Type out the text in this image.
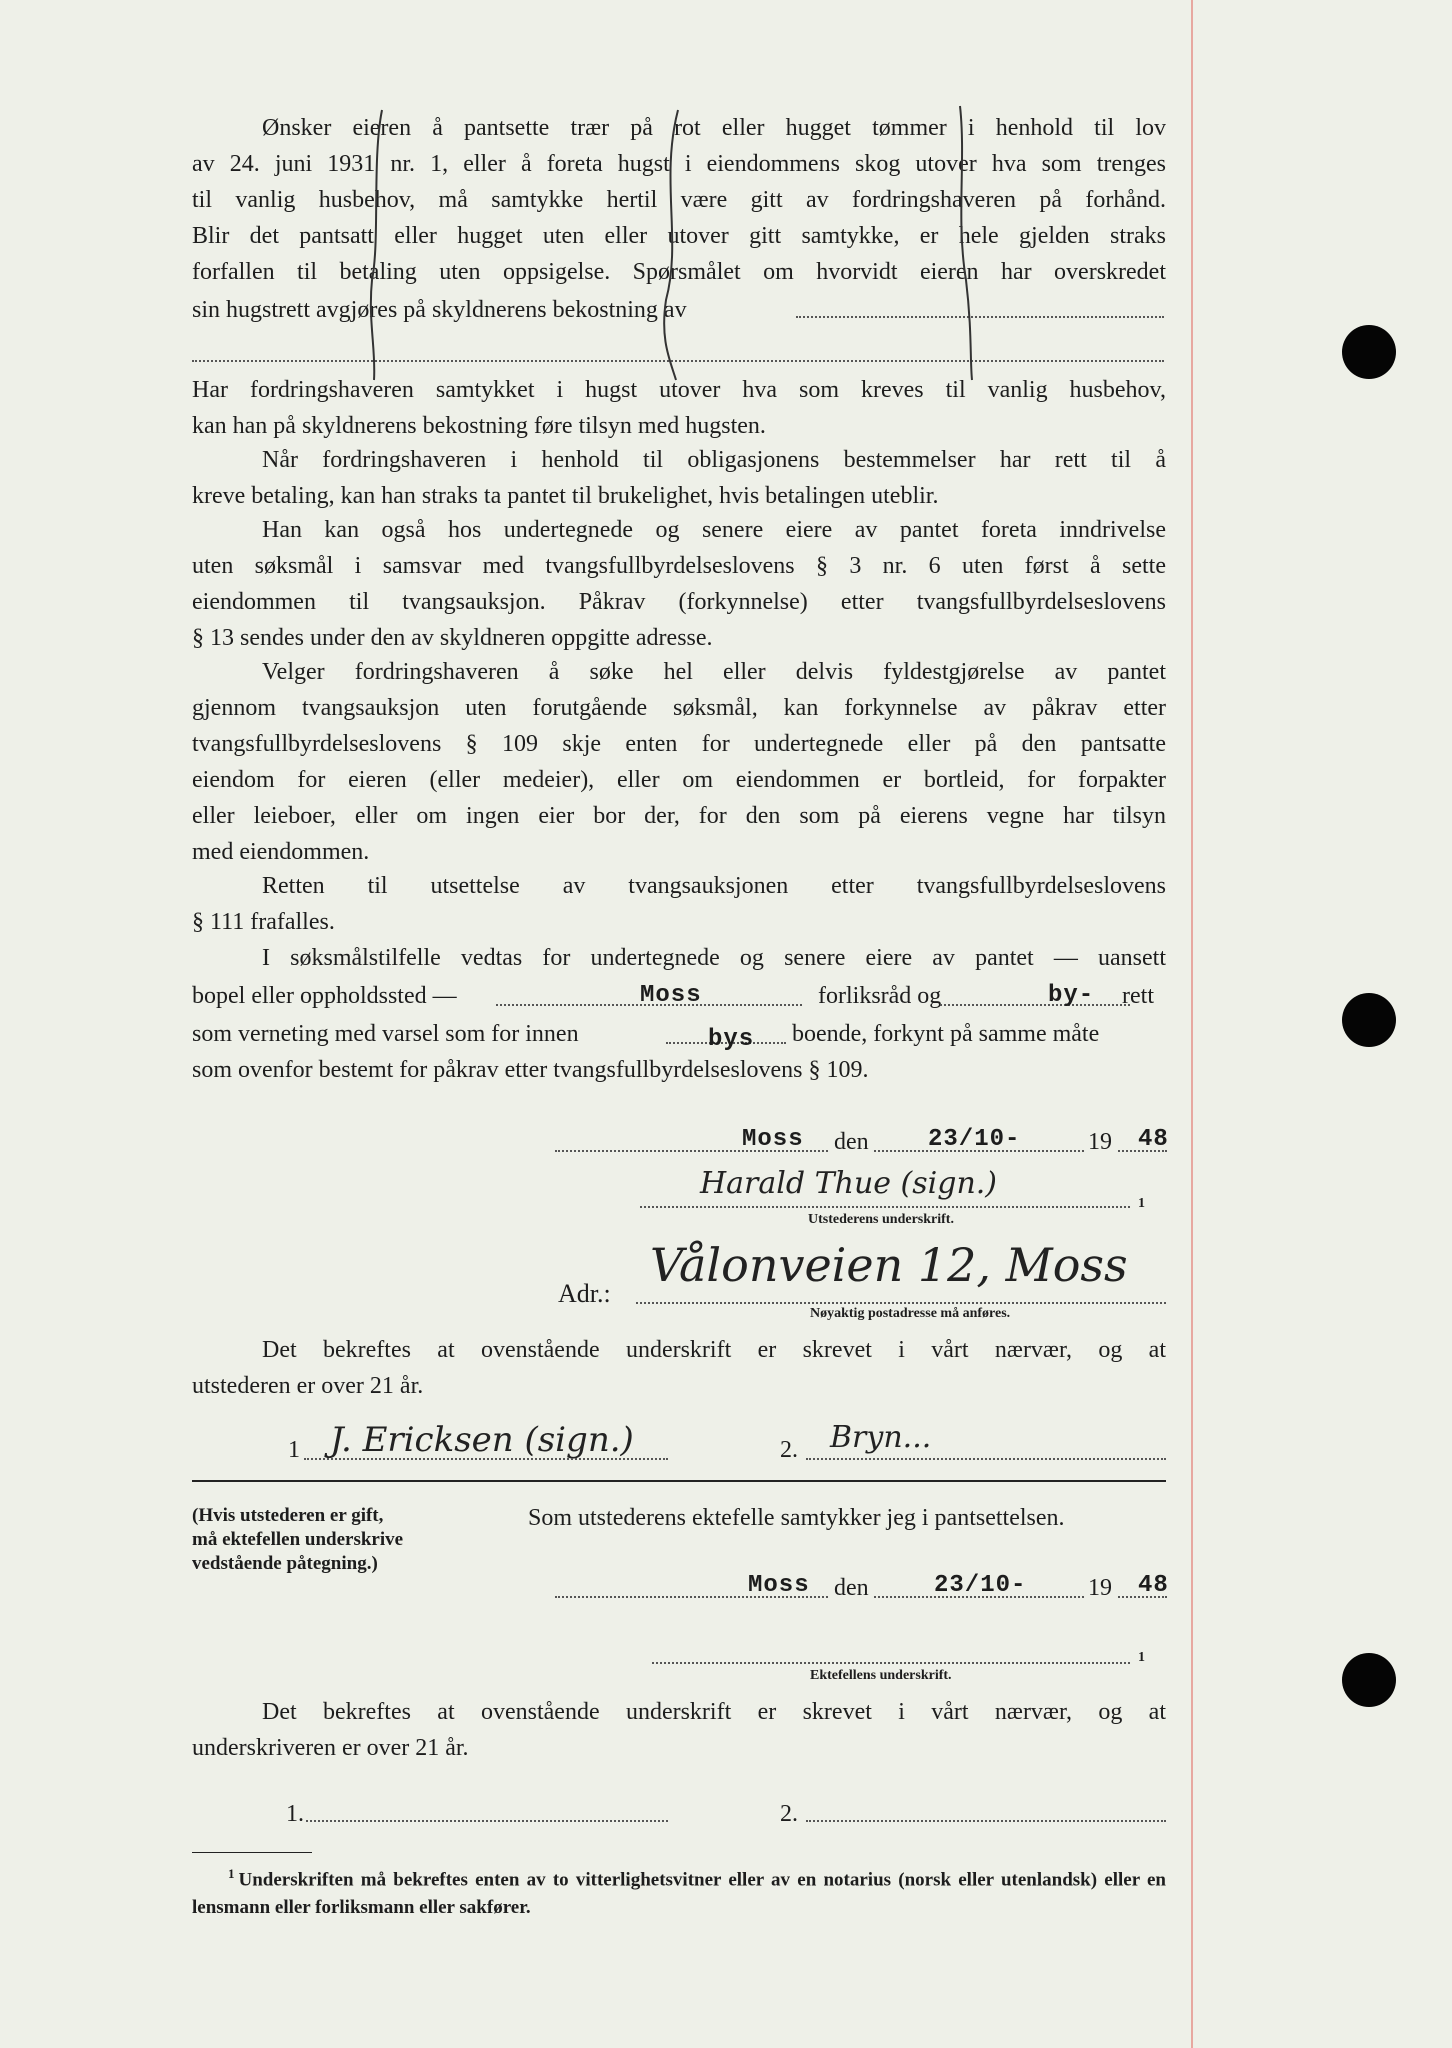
Ønsker eieren å pantsette trær på rot eller hugget tømmer i henhold til lov
av 24. juni 1931 nr. 1, eller å foreta hugst i eiendommens skog utover hva som trenges
til vanlig husbehov, må samtykke hertil være gitt av fordringshaveren på forhånd.
Blir det pantsatt eller hugget uten eller utover gitt samtykke, er hele gjelden straks
forfallen til betaling uten oppsigelse. Spørsmålet om hvorvidt eieren har overskredet
sin hugstrett avgjøres på skyldnerens bekostning av
Har fordringshaveren samtykket i hugst utover hva som kreves til vanlig husbehov,
kan han på skyldnerens bekostning føre tilsyn med hugsten.
Når fordringshaveren i henhold til obligasjonens bestemmelser har rett til å
kreve betaling, kan han straks ta pantet til brukelighet, hvis betalingen uteblir.
Han kan også hos undertegnede og senere eiere av pantet foreta inndrivelse
uten søksmål i samsvar med tvangsfullbyrdelseslovens § 3 nr. 6 uten først å sette
eiendommen til tvangsauksjon. Påkrav (forkynnelse) etter tvangsfullbyrdelseslovens
§ 13 sendes under den av skyldneren oppgitte adresse.
Velger fordringshaveren å søke hel eller delvis fyldestgjørelse av pantet
gjennom tvangsauksjon uten forutgående søksmål, kan forkynnelse av påkrav etter
tvangsfullbyrdelseslovens § 109 skje enten for undertegnede eller på den pantsatte
eiendom for eieren (eller medeier), eller om eiendommen er bortleid, for forpakter
eller leieboer, eller om ingen eier bor der, for den som på eierens vegne har tilsyn
med eiendommen.
Retten til utsettelse av tvangsauksjonen etter tvangsfullbyrdelseslovens
§ 111 frafalles.
I søksmålstilfelle vedtas for undertegnede og senere eiere av pantet — uansett
bopel eller oppholdssted —	Moss	forliksråd og	by- rett
som verneting med varsel som for innen	bys boende, forkynt på samme måte
som ovenfor bestemt for påkrav etter tvangsfullbyrdelseslovens § 109.
Moss den 23/10-	19 48
Harald Thue (sign.)
1
Utstederens underskrift.
Adr.:
Vålonveien 12, Moss
Nøyaktig postadresse må anføres.
Det bekreftes at ovenstående underskrift er skrevet i vårt nærvær, og at
utstederen er over 21 år.
1 J. Ericksen (sign.)	2. Bryn...
(Hvis utstederen er gift,
må ektefellen underskrive
vedstående påtegning.)
Som utstederens ektefelle samtykker jeg i pantsettelsen.
Moss den	23/10-	19 48
1
Ektefellens underskrift.
Det bekreftes at ovenstående underskrift er skrevet i vårt nærvær, og at
underskriveren er over 21 år.
1.	2.
$^1$ Underskriften må bekreftes enten av to vitterlighetsvitner eller av en notarius (norsk eller utenlandsk) eller en lensmann eller forliksmann eller sakfører.
